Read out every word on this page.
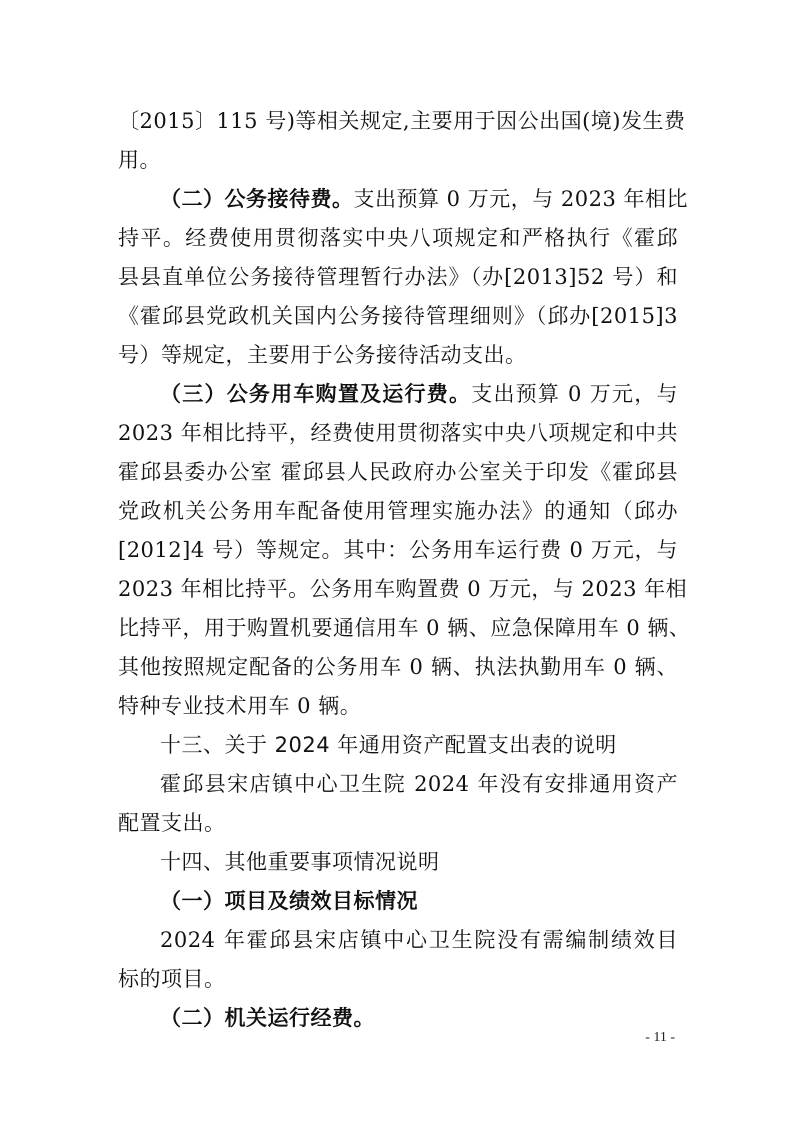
〔2015〕115 号)等相关规定,主要用于因公出国(境)发生费
用。
（二）公务接待费。支出预算 0 万元，与 2023 年相比
持平。经费使用贯彻落实中央八项规定和严格执行《霍邱
县县直单位公务接待管理暂行办法》（办[2013]52 号）和
《霍邱县党政机关国内公务接待管理细则》（邱办[2015]3
号）等规定，主要用于公务接待活动支出。
（三）公务用车购置及运行费。支出预算 0 万元，与
2023 年相比持平，经费使用贯彻落实中央八项规定和中共
霍邱县委办公室 霍邱县人民政府办公室关于印发《霍邱县
党政机关公务用车配备使用管理实施办法》的通知（邱办
[2012]4 号）等规定。其中：公务用车运行费 0 万元，与
2023 年相比持平。公务用车购置费 0 万元，与 2023 年相
比持平，用于购置机要通信用车 0 辆、应急保障用车 0 辆、
其他按照规定配备的公务用车 0 辆、执法执勤用车 0 辆、
特种专业技术用车 0 辆。
十三、关于 2024 年通用资产配置支出表的说明
霍邱县宋店镇中心卫生院 2024 年没有安排通用资产
配置支出。
十四、其他重要事项情况说明
（一）项目及绩效目标情况
2024 年霍邱县宋店镇中心卫生院没有需编制绩效目
标的项目。
（二）机关运行经费。
- 11 -
